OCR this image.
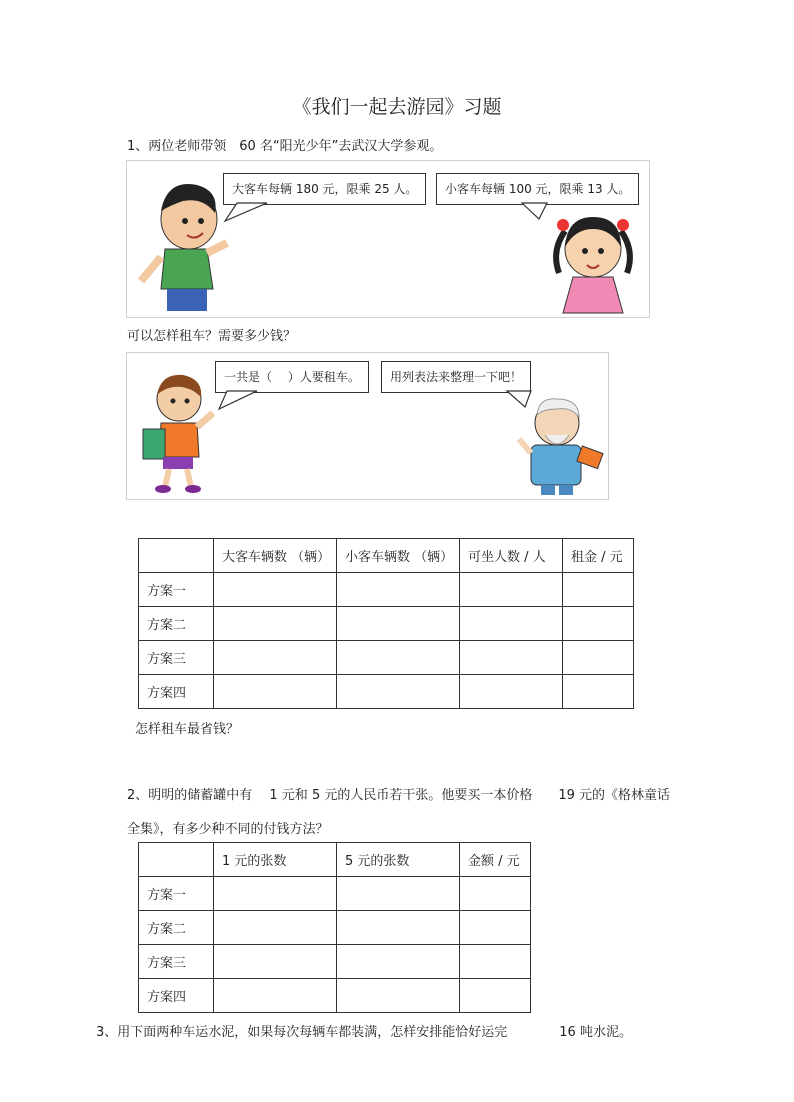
《我们一起去游园》习题
1、两位老师带领　60 名“阳光少年”去武汉大学参观。
大客车每辆 180 元，限乘 25 人。	小客车每辆 100 元，限乘 13 人。
可以怎样租车？需要多少钱？
一共是（　 ）人要租车。	用列表法来整理一下吧！
	大客车辆数 （辆）	小客车辆数 （辆）	可坐人数 / 人	租金 / 元
方案一				
方案二				
方案三				
方案四				
怎样租车最省钱？
2、明明的储蓄罐中有　 1 元和 5 元的人民币若干张。他要买一本价格　　19 元的《格林童话
全集》，有多少种不同的付钱方法？
	1 元的张数	5 元的张数	金额 / 元
方案一			
方案二			
方案三			
方案四			
3、用下面两种车运水泥，如果每次每辆车都装满，怎样安排能恰好运完　　　　16 吨水泥。
